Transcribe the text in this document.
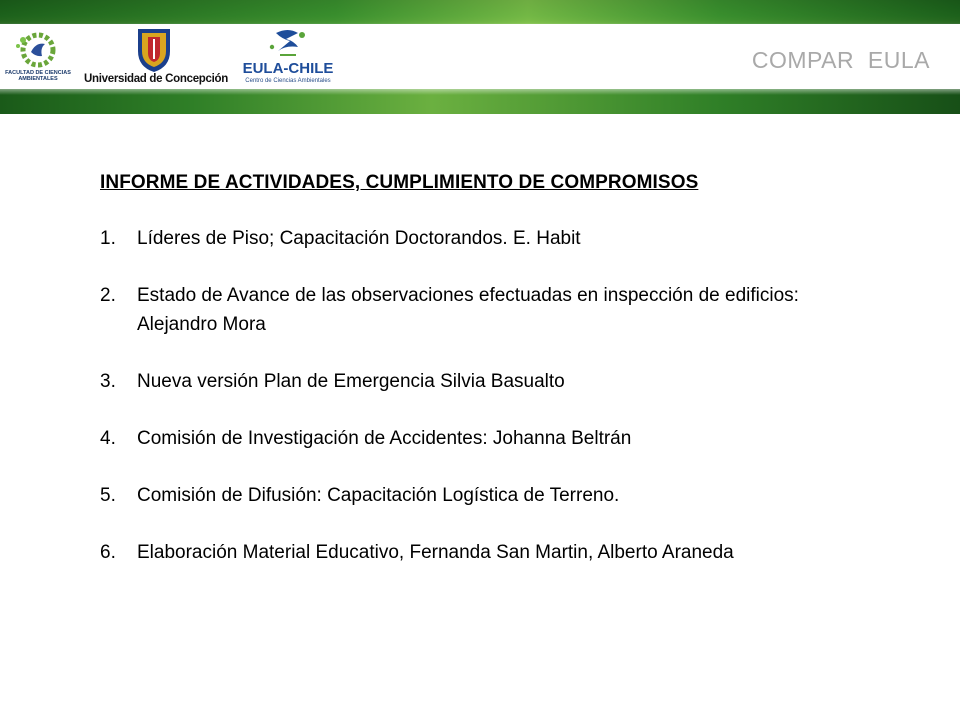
FACULTAD DE CIENCIAS AMBIENTALES	Universidad de Concepción
EULA-CHILE
Centro de Ciencias Ambientales
COMPAR  EULA
INFORME DE ACTIVIDADES, CUMPLIMIENTO DE COMPROMISOS
1. Líderes de Piso; Capacitación Doctorandos. E. Habit
2. Estado de Avance de las observaciones efectuadas en inspección de edificios: Alejandro Mora
3. Nueva versión Plan de Emergencia Silvia Basualto
4. Comisión de Investigación de Accidentes: Johanna Beltrán
5. Comisión de Difusión: Capacitación Logística de Terreno.
6. Elaboración Material Educativo, Fernanda San Martin, Alberto Araneda
